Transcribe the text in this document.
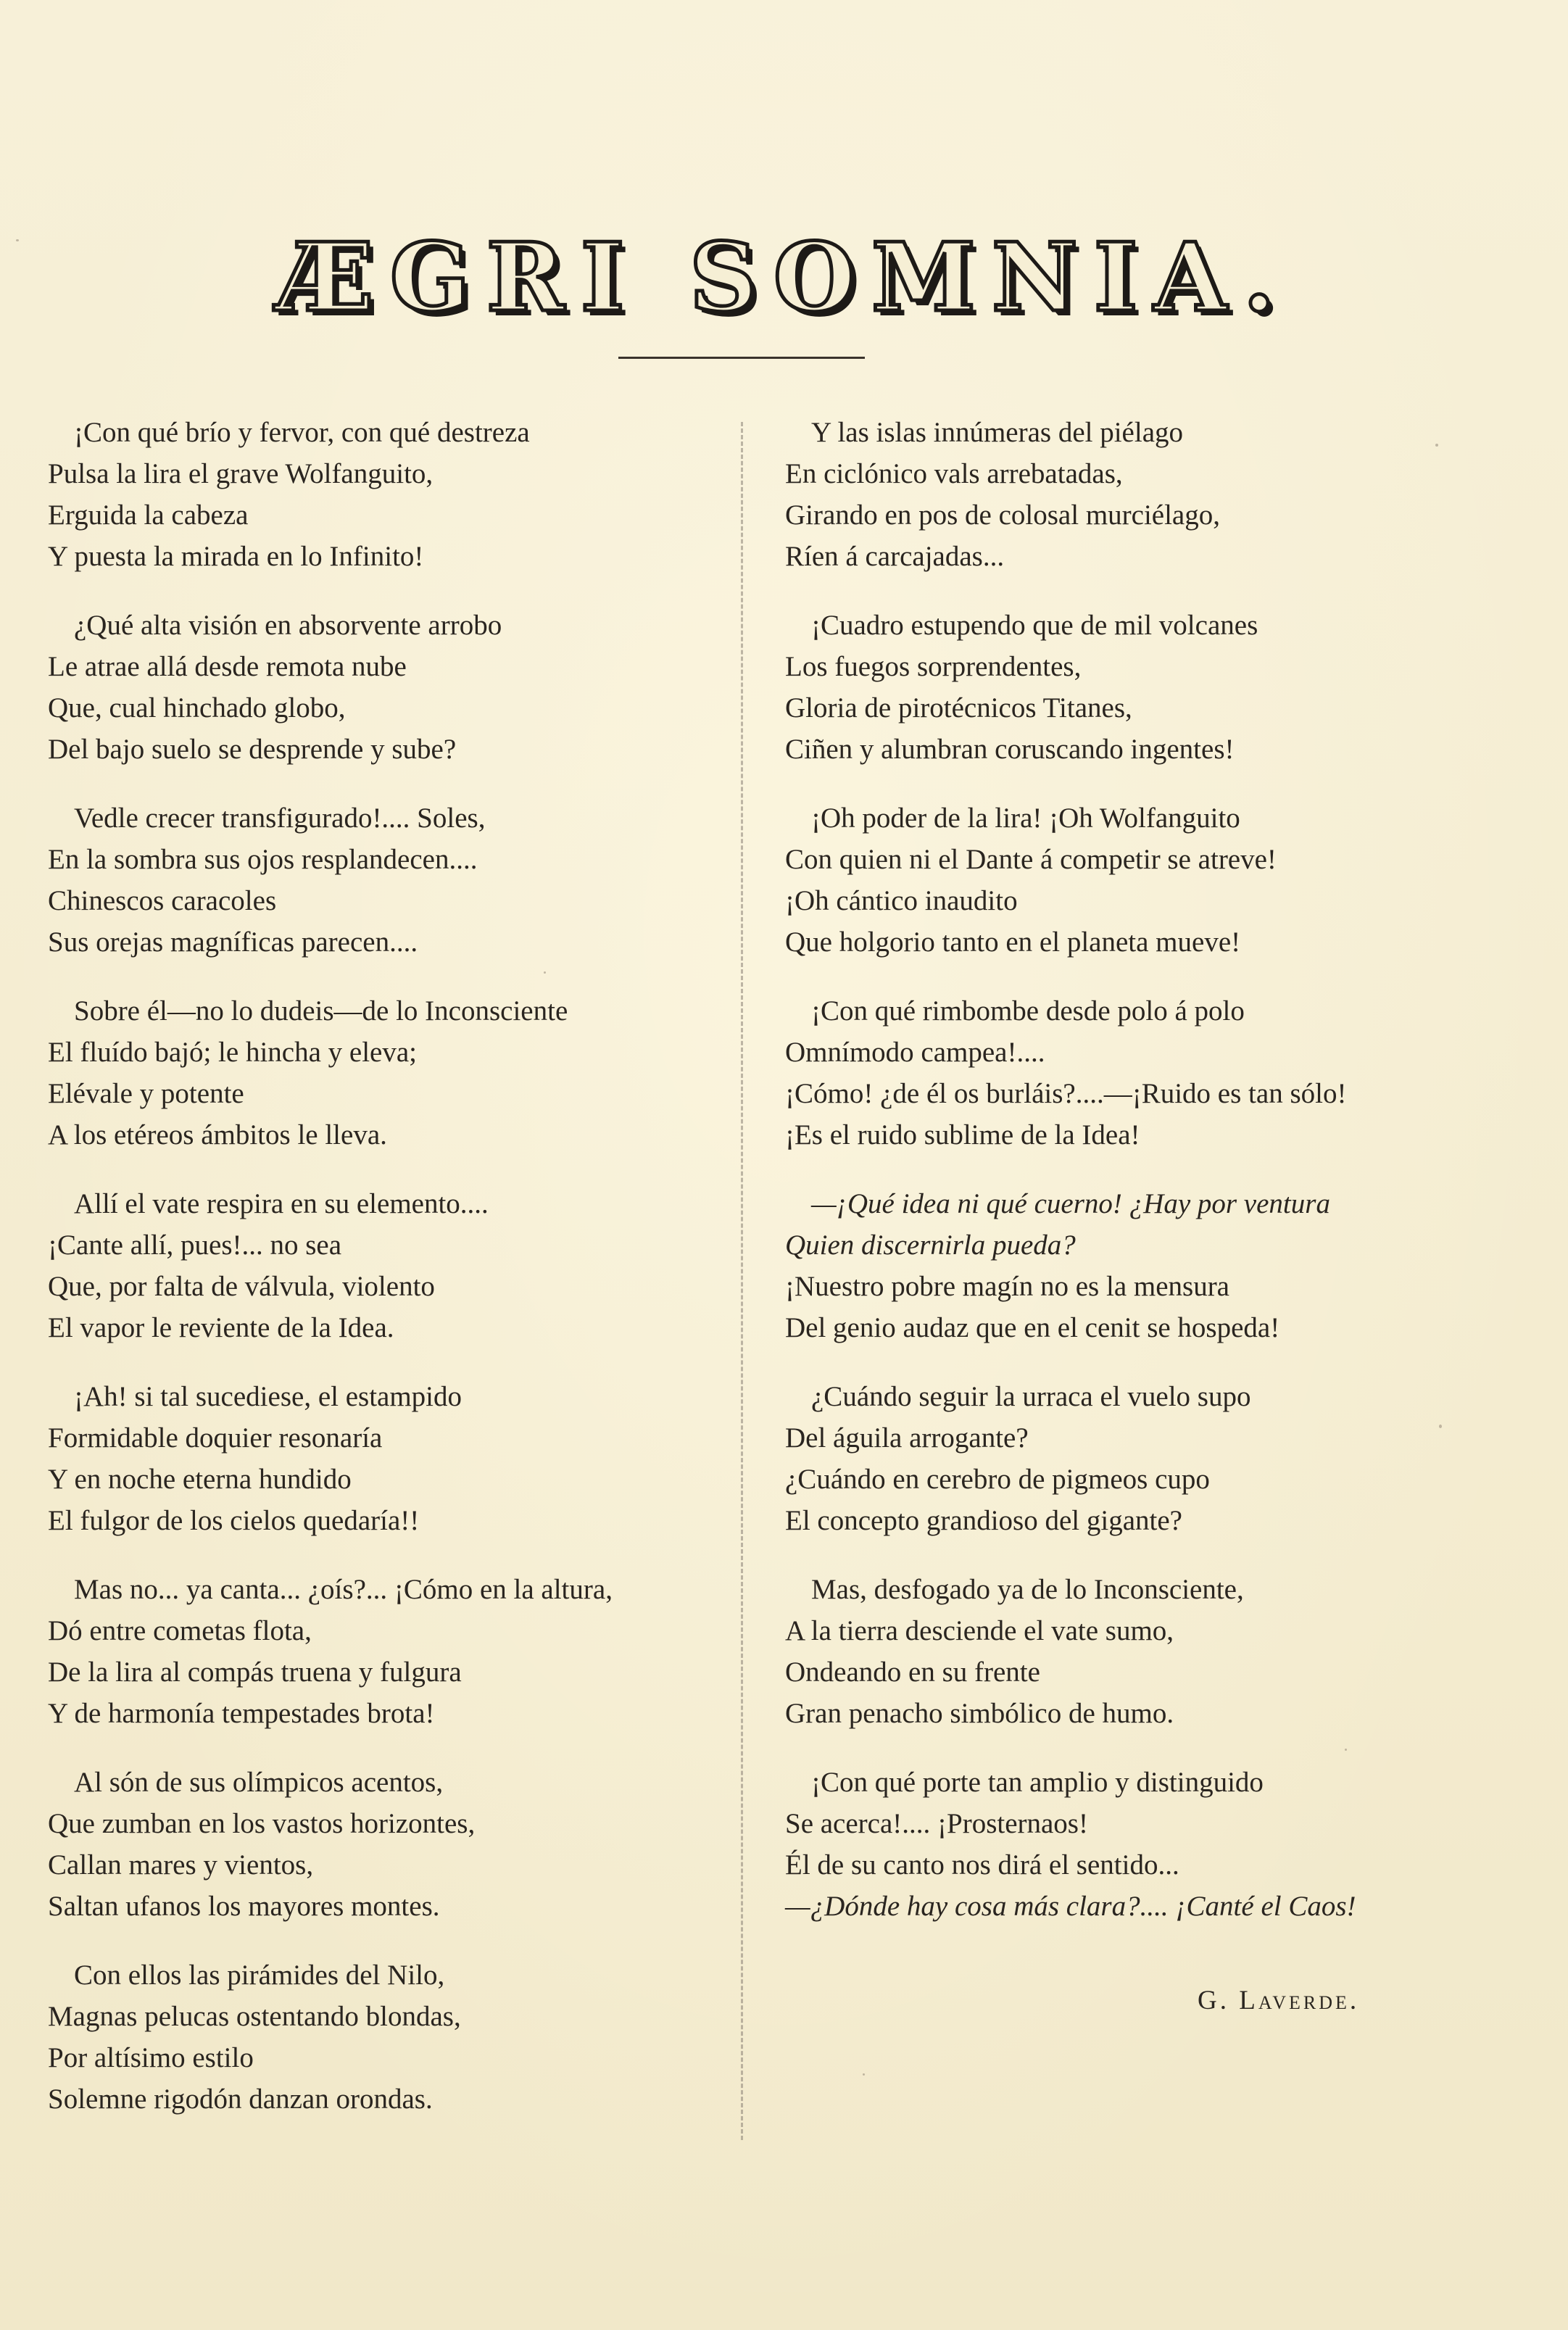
ÆGRI SOMNIA.
¡Con qué brío y fervor, con qué destreza
Pulsa la lira el grave Wolfanguito,
Erguida la cabeza
Y puesta la mirada en lo Infinito!
¿Qué alta visión en absorvente arrobo
Le atrae allá desde remota nube
Que, cual hinchado globo,
Del bajo suelo se desprende y sube?
Vedle crecer transfigurado!.... Soles,
En la sombra sus ojos resplandecen....
Chinescos caracoles
Sus orejas magníficas parecen....
Sobre él—no lo dudeis—de lo Inconsciente
El fluído bajó; le hincha y eleva;
Elévale y potente
A los etéreos ámbitos le lleva.
Allí el vate respira en su elemento....
¡Cante allí, pues!... no sea
Que, por falta de válvula, violento
El vapor le reviente de la Idea.
¡Ah! si tal sucediese, el estampido
Formidable doquier resonaría
Y en noche eterna hundido
El fulgor de los cielos quedaría!!
Mas no... ya canta... ¿oís?... ¡Cómo en la altura,
Dó entre cometas flota,
De la lira al compás truena y fulgura
Y de harmonía tempestades brota!
Al són de sus olímpicos acentos,
Que zumban en los vastos horizontes,
Callan mares y vientos,
Saltan ufanos los mayores montes.
Con ellos las pirámides del Nilo,
Magnas pelucas ostentando blondas,
Por altísimo estilo
Solemne rigodón danzan orondas.
Y las islas innúmeras del piélago
En ciclónico vals arrebatadas,
Girando en pos de colosal murciélago,
Ríen á carcajadas...
¡Cuadro estupendo que de mil volcanes
Los fuegos sorprendentes,
Gloria de pirotécnicos Titanes,
Ciñen y alumbran coruscando ingentes!
¡Oh poder de la lira! ¡Oh Wolfanguito
Con quien ni el Dante á competir se atreve!
¡Oh cántico inaudito
Que holgorio tanto en el planeta mueve!
¡Con qué rimbombe desde polo á polo
Omnímodo campea!....
¡Cómo! ¿de él os burláis?....—¡Ruido es tan sólo!
¡Es el ruido sublime de la Idea!
—¡Qué idea ni qué cuerno! ¿Hay por ventura
Quien discernirla pueda?
¡Nuestro pobre magín no es la mensura
Del genio audaz que en el cenit se hospeda!
¿Cuándo seguir la urraca el vuelo supo
Del águila arrogante?
¿Cuándo en cerebro de pigmeos cupo
El concepto grandioso del gigante?
Mas, desfogado ya de lo Inconsciente,
A la tierra desciende el vate sumo,
Ondeando en su frente
Gran penacho simbólico de humo.
¡Con qué porte tan amplio y distinguido
Se acerca!.... ¡Prosternaos!
Él de su canto nos dirá el sentido...
—¿Dónde hay cosa más clara?.... ¡Canté el Caos!
G. Laverde.
